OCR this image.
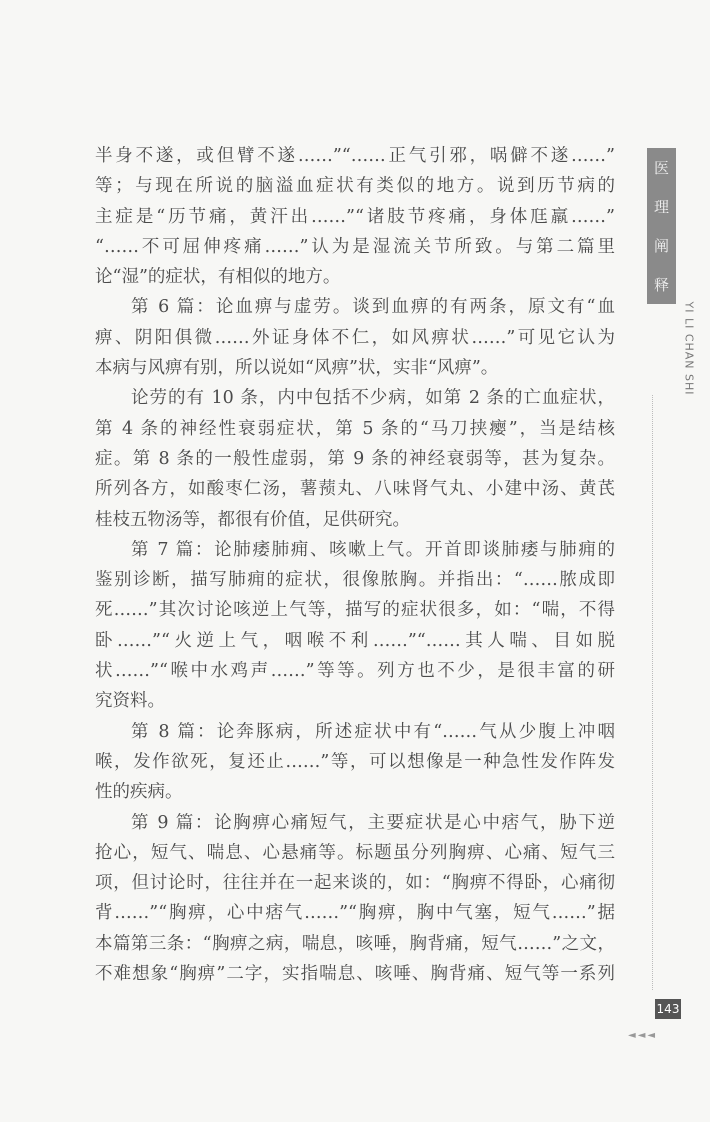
半身不遂，或但臂不遂……”“……正气引邪，㖞僻不遂……”
等；与现在所说的脑溢血症状有类似的地方。说到历节病的
主症是“历节痛，黄汗出……”“诸肢节疼痛，身体尫羸……”
“……不可屈伸疼痛……”认为是湿流关节所致。与第二篇里
论“湿”的症状，有相似的地方。
第 6 篇：论血痹与虚劳。谈到血痹的有两条，原文有“血
痹、阴阳俱微……外证身体不仁，如风痹状……”可见它认为
本病与风痹有别，所以说如“风痹”状，实非“风痹”。
论劳的有 10 条，内中包括不少病，如第 2 条的亡血症状，
第 4 条的神经性衰弱症状，第 5 条的“马刀挟瘿”，当是结核
症。第 8 条的一般性虚弱，第 9 条的神经衰弱等，甚为复杂。
所列各方，如酸枣仁汤，薯蓣丸、八味肾气丸、小建中汤、黄芪
桂枝五物汤等，都很有价值，足供研究。
第 7 篇：论肺痿肺痈、咳嗽上气。开首即谈肺痿与肺痈的
鉴别诊断，描写肺痈的症状，很像脓胸。并指出：“……脓成即
死……”其次讨论咳逆上气等，描写的症状很多，如：“喘，不得
卧……”“火逆上气，咽喉不利……”“……其人喘、目如脱
状……”“喉中水鸡声……”等等。列方也不少，是很丰富的研
究资料。
第 8 篇：论奔豚病，所述症状中有“……气从少腹上冲咽
喉，发作欲死，复还止……”等，可以想像是一种急性发作阵发
性的疾病。
第 9 篇：论胸痹心痛短气，主要症状是心中痞气，胁下逆
抢心，短气、喘息、心悬痛等。标题虽分列胸痹、心痛、短气三
项，但讨论时，往往并在一起来谈的，如：“胸痹不得卧，心痛彻
背……”“胸痹，心中痞气……”“胸痹，胸中气塞，短气……”据
本篇第三条：“胸痹之病，喘息，咳唾，胸背痛，短气……”之文，
不难想象“胸痹”二字，实指喘息、咳唾、胸背痛、短气等一系列
医
理
阐
释
YI LI CHAN SHI
143
◄◄◄
